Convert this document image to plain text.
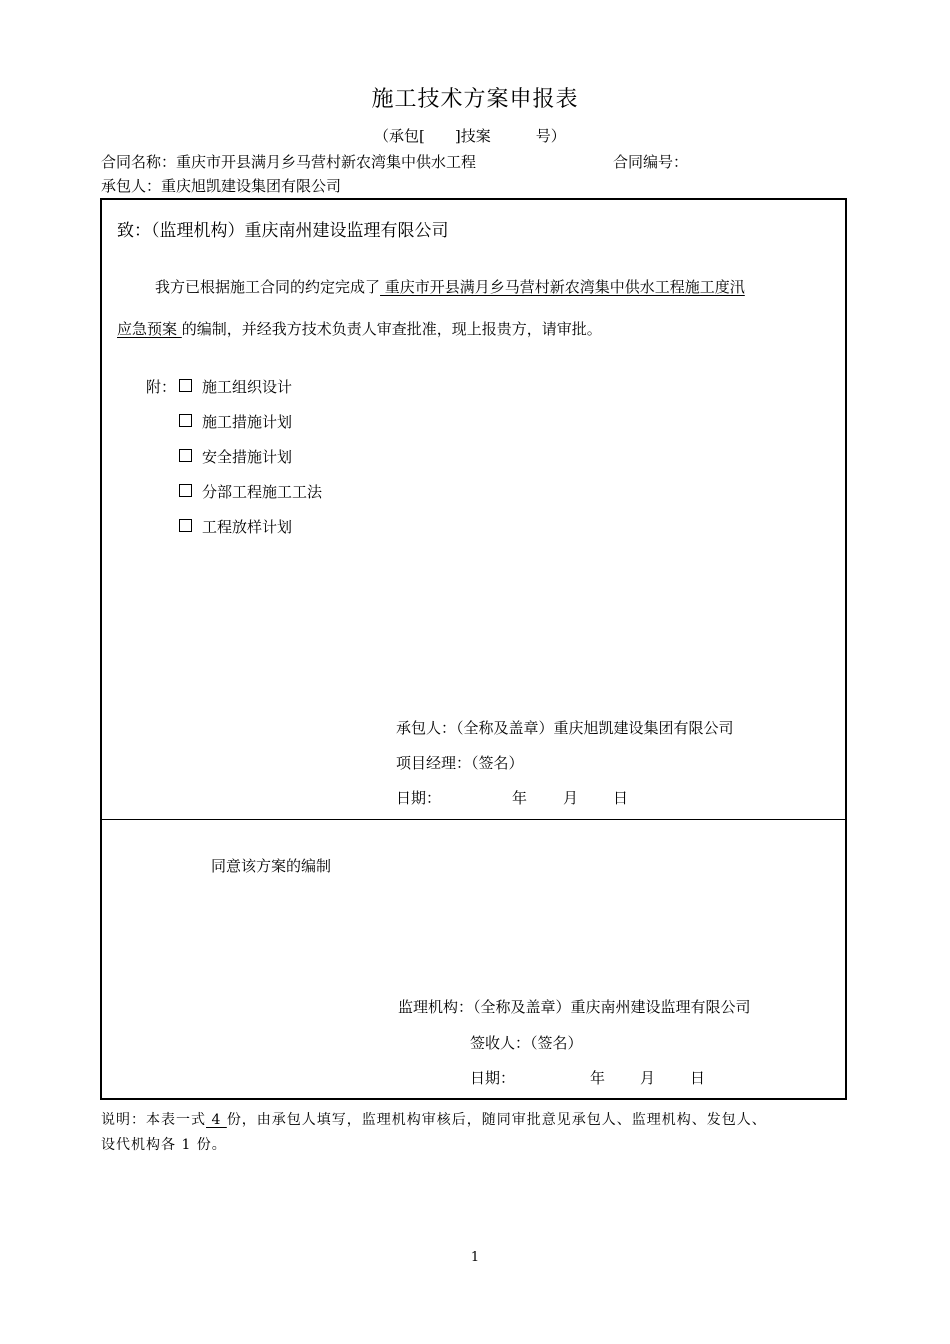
施工技术方案申报表
（承包[　　]技案　　　号）
合同名称：重庆市开县满月乡马营村新农湾集中供水工程	合同编号：
承包人：重庆旭凯建设集团有限公司
致：（监理机构）重庆南州建设监理有限公司
我方已根据施工合同的约定完成了 重庆市开县满月乡马营村新农湾集中供水工程施工度汛
应急预案 的编制，并经我方技术负责人审查批准，现上报贵方，请审批。
附：	施工组织设计
施工措施计划
安全措施计划
分部工程施工工法
工程放样计划
承包人：（全称及盖章）重庆旭凯建设集团有限公司
项目经理：（签名）
日期：	年 月 日
同意该方案的编制
监理机构：（全称及盖章）重庆南州建设监理有限公司
签收人：（签名）
日期：	年 月 日
说明：本表一式 4 份，由承包人填写，监理机构审核后，随同审批意见承包人、监理机构、发包人、
设代机构各 1 份。
1
